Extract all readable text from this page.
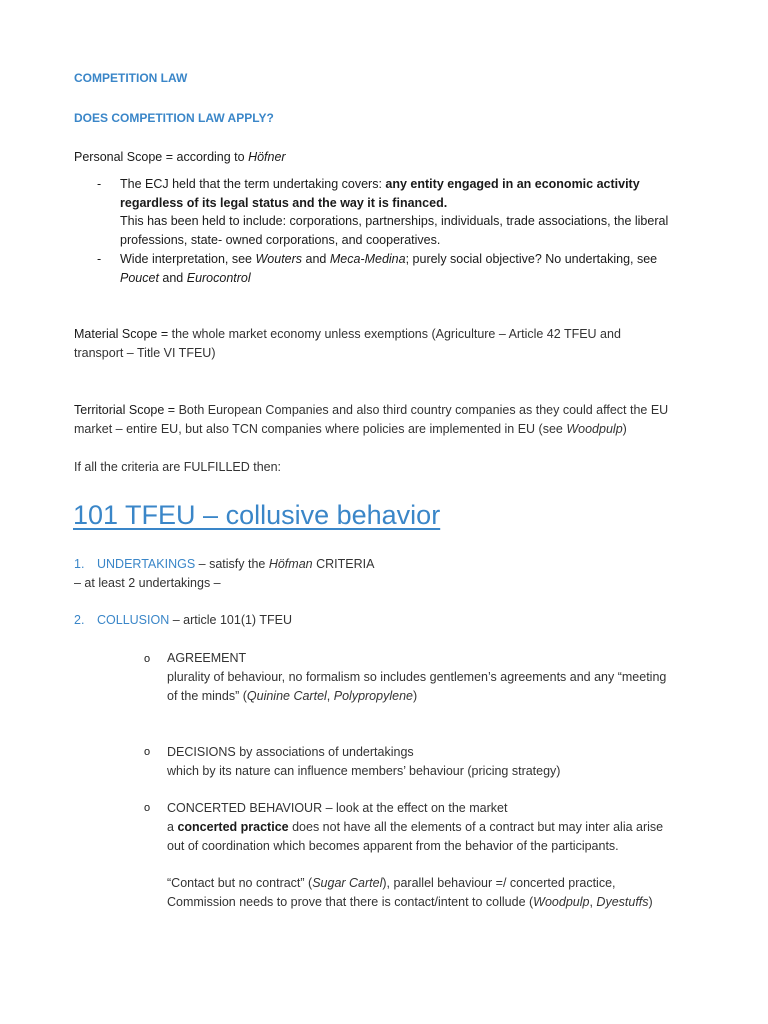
COMPETITION LAW
DOES COMPETITION LAW APPLY?
Personal Scope = according to Höfner
- The ECJ held that the term undertaking covers: any entity engaged in an economic activity
regardless of its legal status and the way it is financed.
This has been held to include: corporations, partnerships, individuals, trade associations, the liberal
professions, state- owned corporations, and cooperatives.
- Wide interpretation, see Wouters and Meca-Medina; purely social objective? No undertaking, see
Poucet and Eurocontrol
Material Scope = the whole market economy unless exemptions (Agriculture – Article 42 TFEU and
transport – Title VI TFEU)
Territorial Scope = Both European Companies and also third country companies as they could affect the EU
market – entire EU, but also TCN companies where policies are implemented in EU (see Woodpulp)
If all the criteria are FULFILLED then:
101 TFEU – collusive behavior
1. UNDERTAKINGS – satisfy the Höfman CRITERIA
– at least 2 undertakings –
2. COLLUSION – article 101(1) TFEU
o AGREEMENT
plurality of behaviour, no formalism so includes gentlemen’s agreements and any “meeting
of the minds” (Quinine Cartel, Polypropylene)
o DECISIONS by associations of undertakings
which by its nature can influence members’ behaviour (pricing strategy)
o CONCERTED BEHAVIOUR – look at the effect on the market
a concerted practice does not have all the elements of a contract but may inter alia arise
out of coordination which becomes apparent from the behavior of the participants.
“Contact but no contract” (Sugar Cartel), parallel behaviour =/ concerted practice,
Commission needs to prove that there is contact/intent to collude (Woodpulp, Dyestuffs)
